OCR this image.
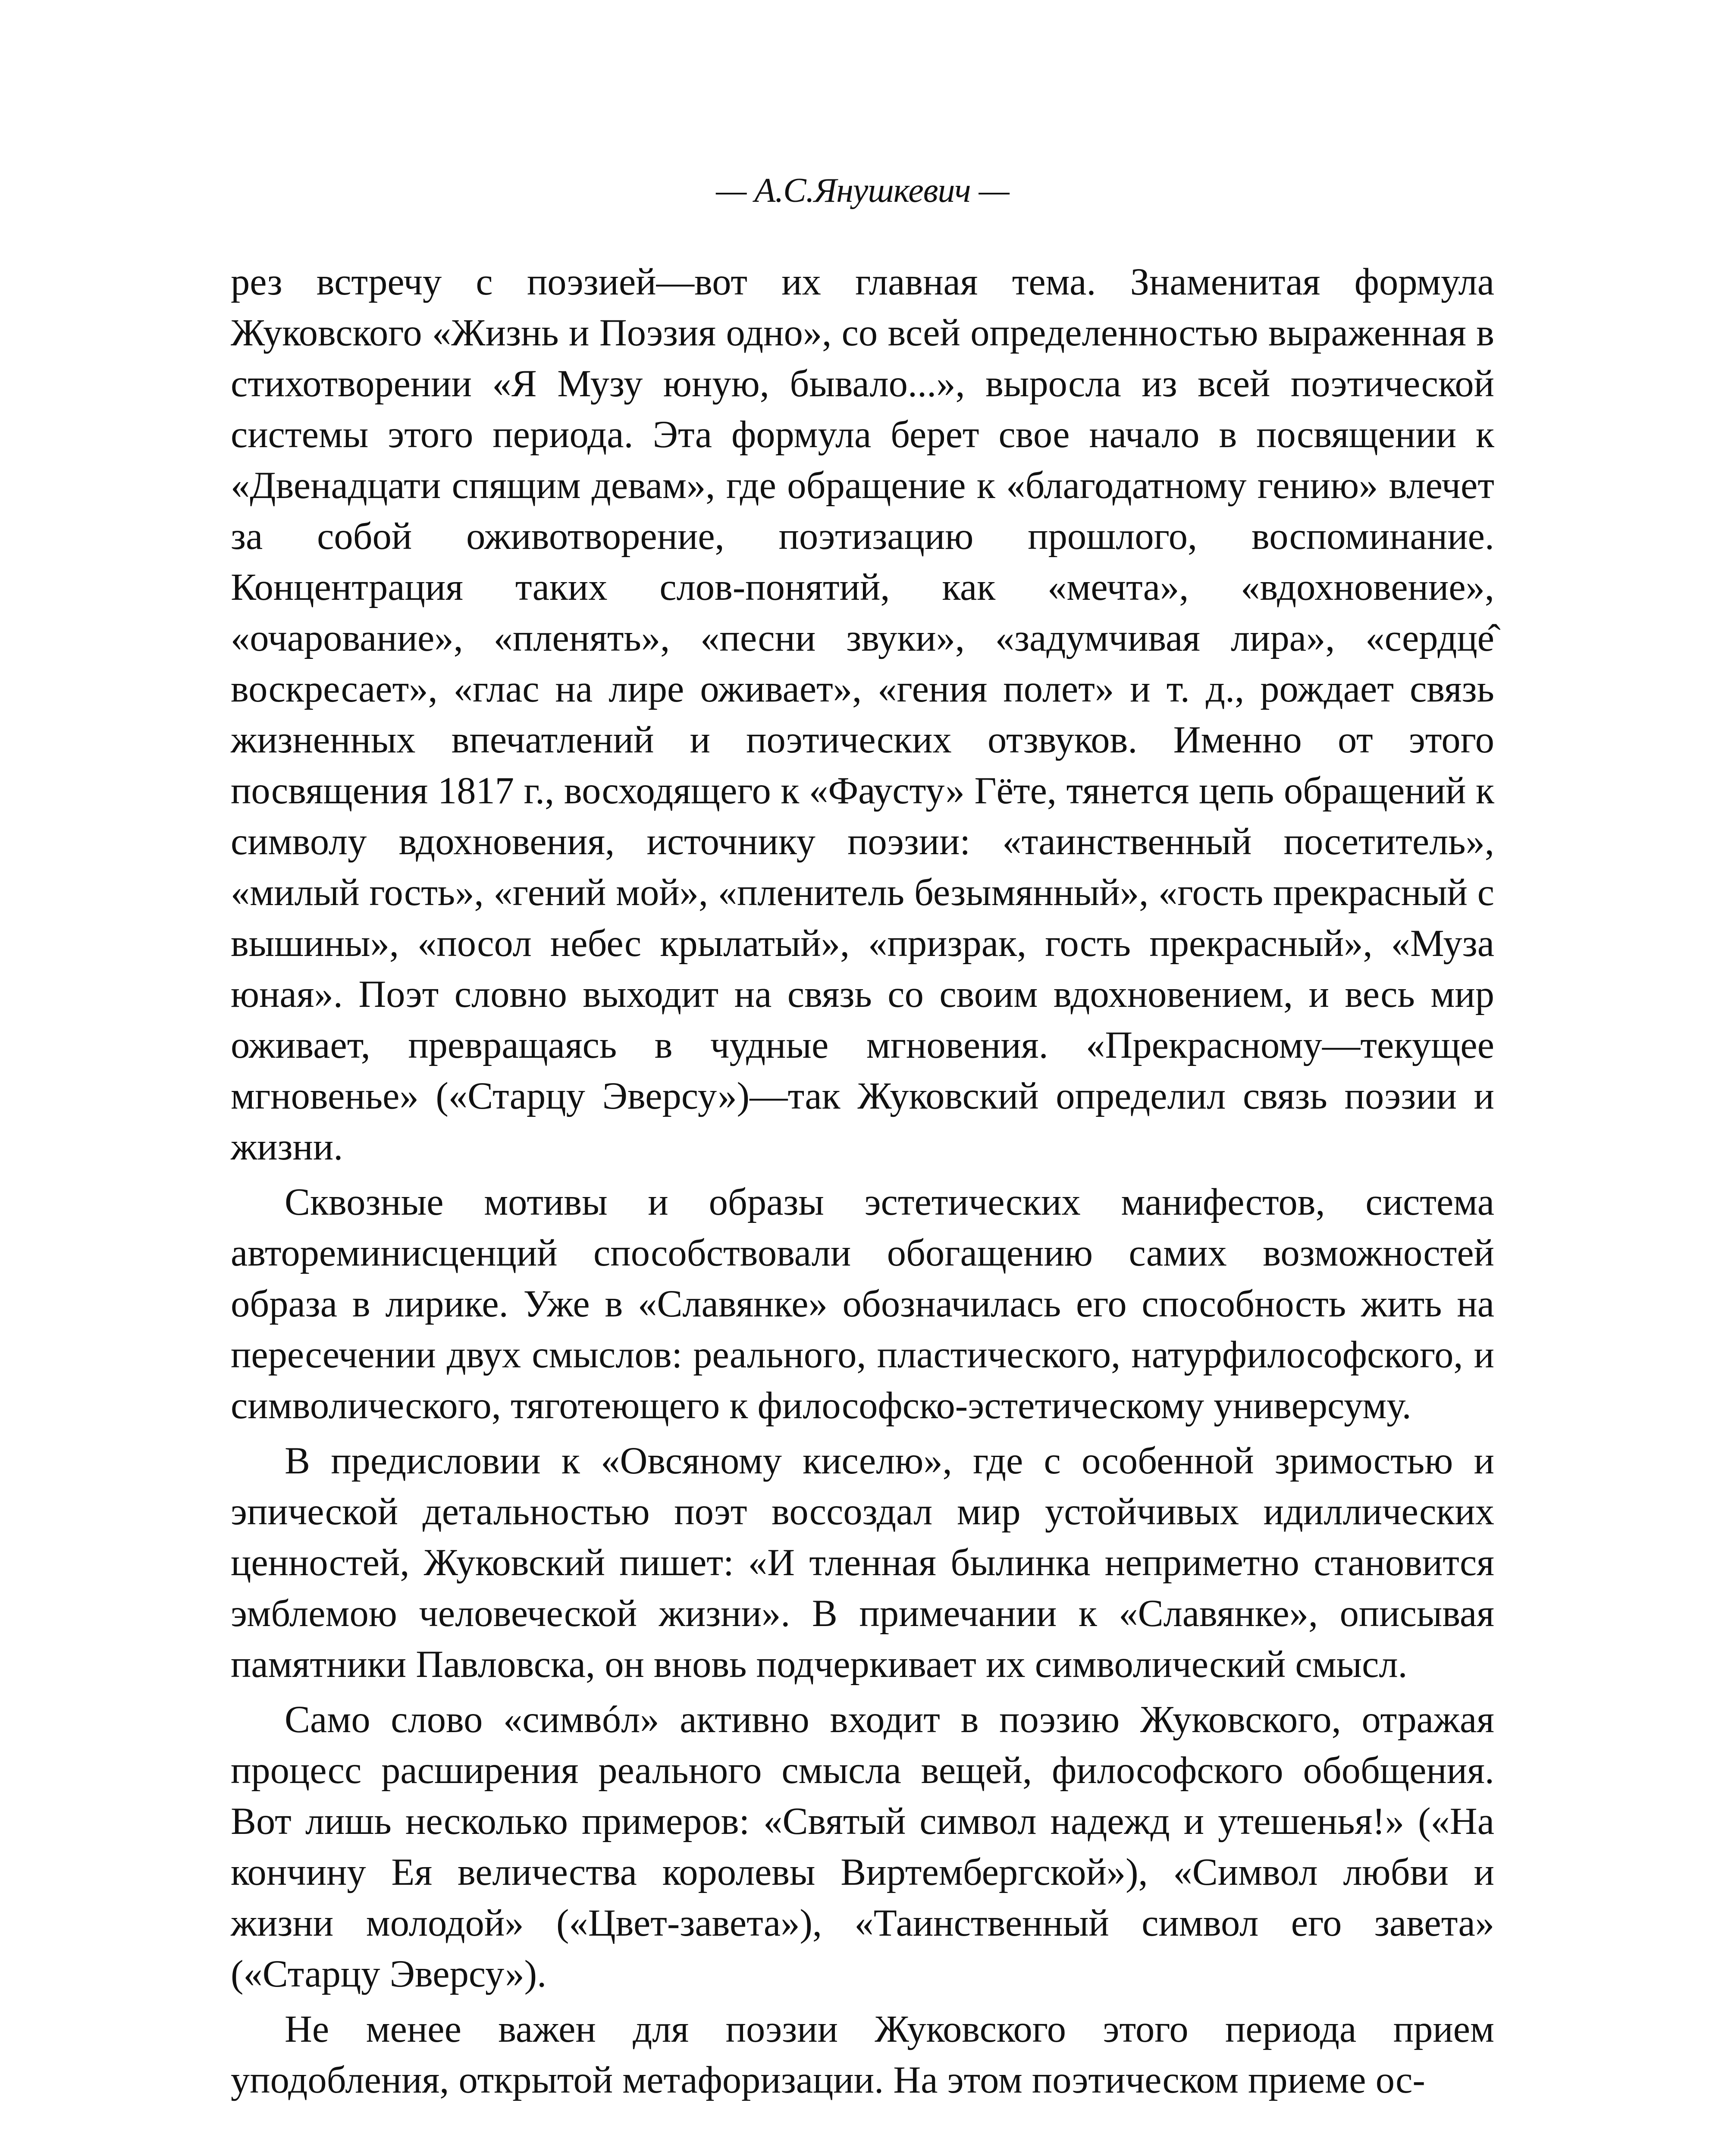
— А.С.Янушкевич —

рез встречу с поэзией—вот их главная тема. Знаменитая формула Жуковского «Жизнь и Поэзия одно», со всей определенностью выраженная в стихотворении «Я Музу юную, бывало...», выросла из всей поэтической системы этого периода. Эта формула берет свое начало в посвящении к «Двенадцати спящим девам», где обращение к «благодатному гению» влечет за собой оживотворение, поэтизацию прошлого, воспоминание. Концентрация таких слов-понятий, как «мечта», «вдохновение», «очарование», «пленять», «песни звуки», «задумчивая лира», «сердце̂ воскресает», «глас на лире оживает», «гения полет» и т. д., рождает связь жизненных впечатлений и поэтических отзвуков. Именно от этого посвящения 1817 г., восходящего к «Фаусту» Гёте, тянется цепь обращений к символу вдохновения, источнику поэзии: «таинственный посетитель», «милый гость», «гений мой», «пленитель безымянный», «гость прекрасный с вышины», «посол небес крылатый», «призрак, гость прекрасный», «Муза юная». Поэт словно выходит на связь со своим вдохновением, и весь мир оживает, превращаясь в чудные мгновения. «Прекрасному—текущее мгновенье» («Старцу Эверсу»)—так Жуковский определил связь поэзии и жизни.

Сквозные мотивы и образы эстетических манифестов, система автореминисценций способствовали обогащению самих возможностей образа в лирике. Уже в «Славянке» обозначилась его способность жить на пересечении двух смыслов: реального, пластического, натурфилософского, и символического, тяготеющего к философско-эстетическому универсуму.

В предисловии к «Овсяному киселю», где с особенной зримостью и эпической детальностью поэт воссоздал мир устойчивых идиллических ценностей, Жуковский пишет: «И тленная былинка неприметно становится эмблемою человеческой жизни». В примечании к «Славянке», описывая памятники Павловска, он вновь подчеркивает их символический смысл.

Само слово «симвóл» активно входит в поэзию Жуковского, отражая процесс расширения реального смысла вещей, философского обобщения. Вот лишь несколько примеров: «Святый символ надежд и утешенья!» («На кончину Ея величества королевы Виртембергской»), «Символ любви и жизни молодой» («Цвет-завета»), «Таинственный символ его завета» («Старцу Эверсу»).

Не менее важен для поэзии Жуковского этого периода прием уподобления, открытой метафоризации. На этом поэтическом приеме ос-
